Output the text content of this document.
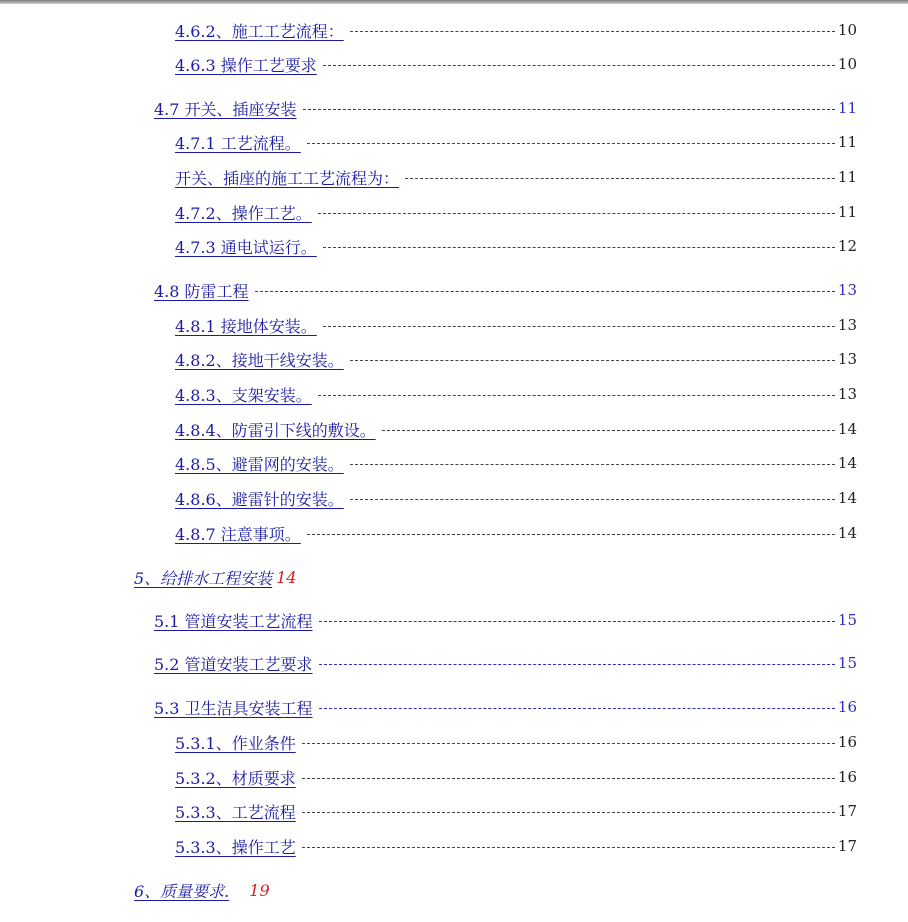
4.6.2、施工工艺流程：	10
4.6.3 操作工艺要求	10
4.7 开关、插座安装	11
4.7.1 工艺流程。	11
开关、插座的施工工艺流程为：	11
4.7.2、操作工艺。	11
4.7.3 通电试运行。	12
4.8 防雷工程	13
4.8.1 接地体安装。	13
4.8.2、接地干线安装。	13
4.8.3、支架安装。	13
4.8.4、防雷引下线的敷设。	14
4.8.5、避雷网的安装。	14
4.8.6、避雷针的安装。	14
4.8.7 注意事项。	14
5、给排水工程安装 14
5.1 管道安装工艺流程	15
5.2 管道安装工艺要求	15
5.3 卫生洁具安装工程	16
5.3.1、作业条件	16
5.3.2、材质要求	16
5.3.3、工艺流程	17
5.3.3、操作工艺	17
6、质量要求. 19
